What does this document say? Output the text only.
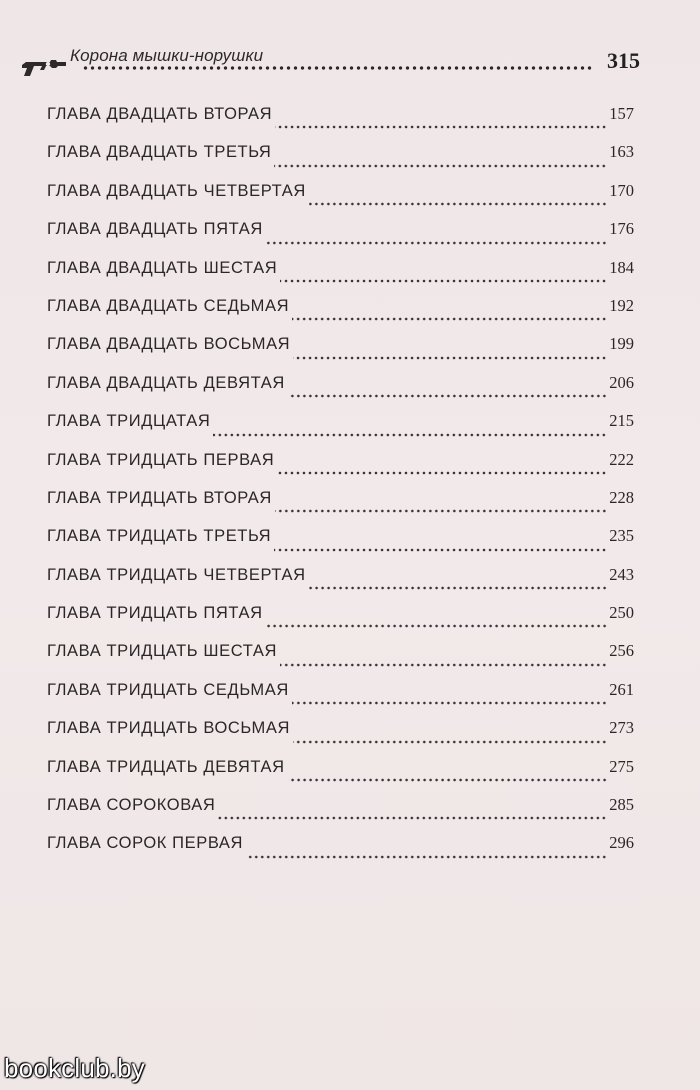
Корона мышки-норушки	315
ГЛАВА ДВАДЦАТЬ ВТОРАЯ	157
ГЛАВА ДВАДЦАТЬ ТРЕТЬЯ	163
ГЛАВА ДВАДЦАТЬ ЧЕТВЕРТАЯ	170
ГЛАВА ДВАДЦАТЬ ПЯТАЯ	176
ГЛАВА ДВАДЦАТЬ ШЕСТАЯ	184
ГЛАВА ДВАДЦАТЬ СЕДЬМАЯ	192
ГЛАВА ДВАДЦАТЬ ВОСЬМАЯ	199
ГЛАВА ДВАДЦАТЬ ДЕВЯТАЯ	206
ГЛАВА ТРИДЦАТАЯ	215
ГЛАВА ТРИДЦАТЬ ПЕРВАЯ	222
ГЛАВА ТРИДЦАТЬ ВТОРАЯ	228
ГЛАВА ТРИДЦАТЬ ТРЕТЬЯ	235
ГЛАВА ТРИДЦАТЬ ЧЕТВЕРТАЯ	243
ГЛАВА ТРИДЦАТЬ ПЯТАЯ	250
ГЛАВА ТРИДЦАТЬ ШЕСТАЯ	256
ГЛАВА ТРИДЦАТЬ СЕДЬМАЯ	261
ГЛАВА ТРИДЦАТЬ ВОСЬМАЯ	273
ГЛАВА ТРИДЦАТЬ ДЕВЯТАЯ	275
ГЛАВА СОРОКОВАЯ	285
ГЛАВА СОРОК ПЕРВАЯ	296
bookclub.by
